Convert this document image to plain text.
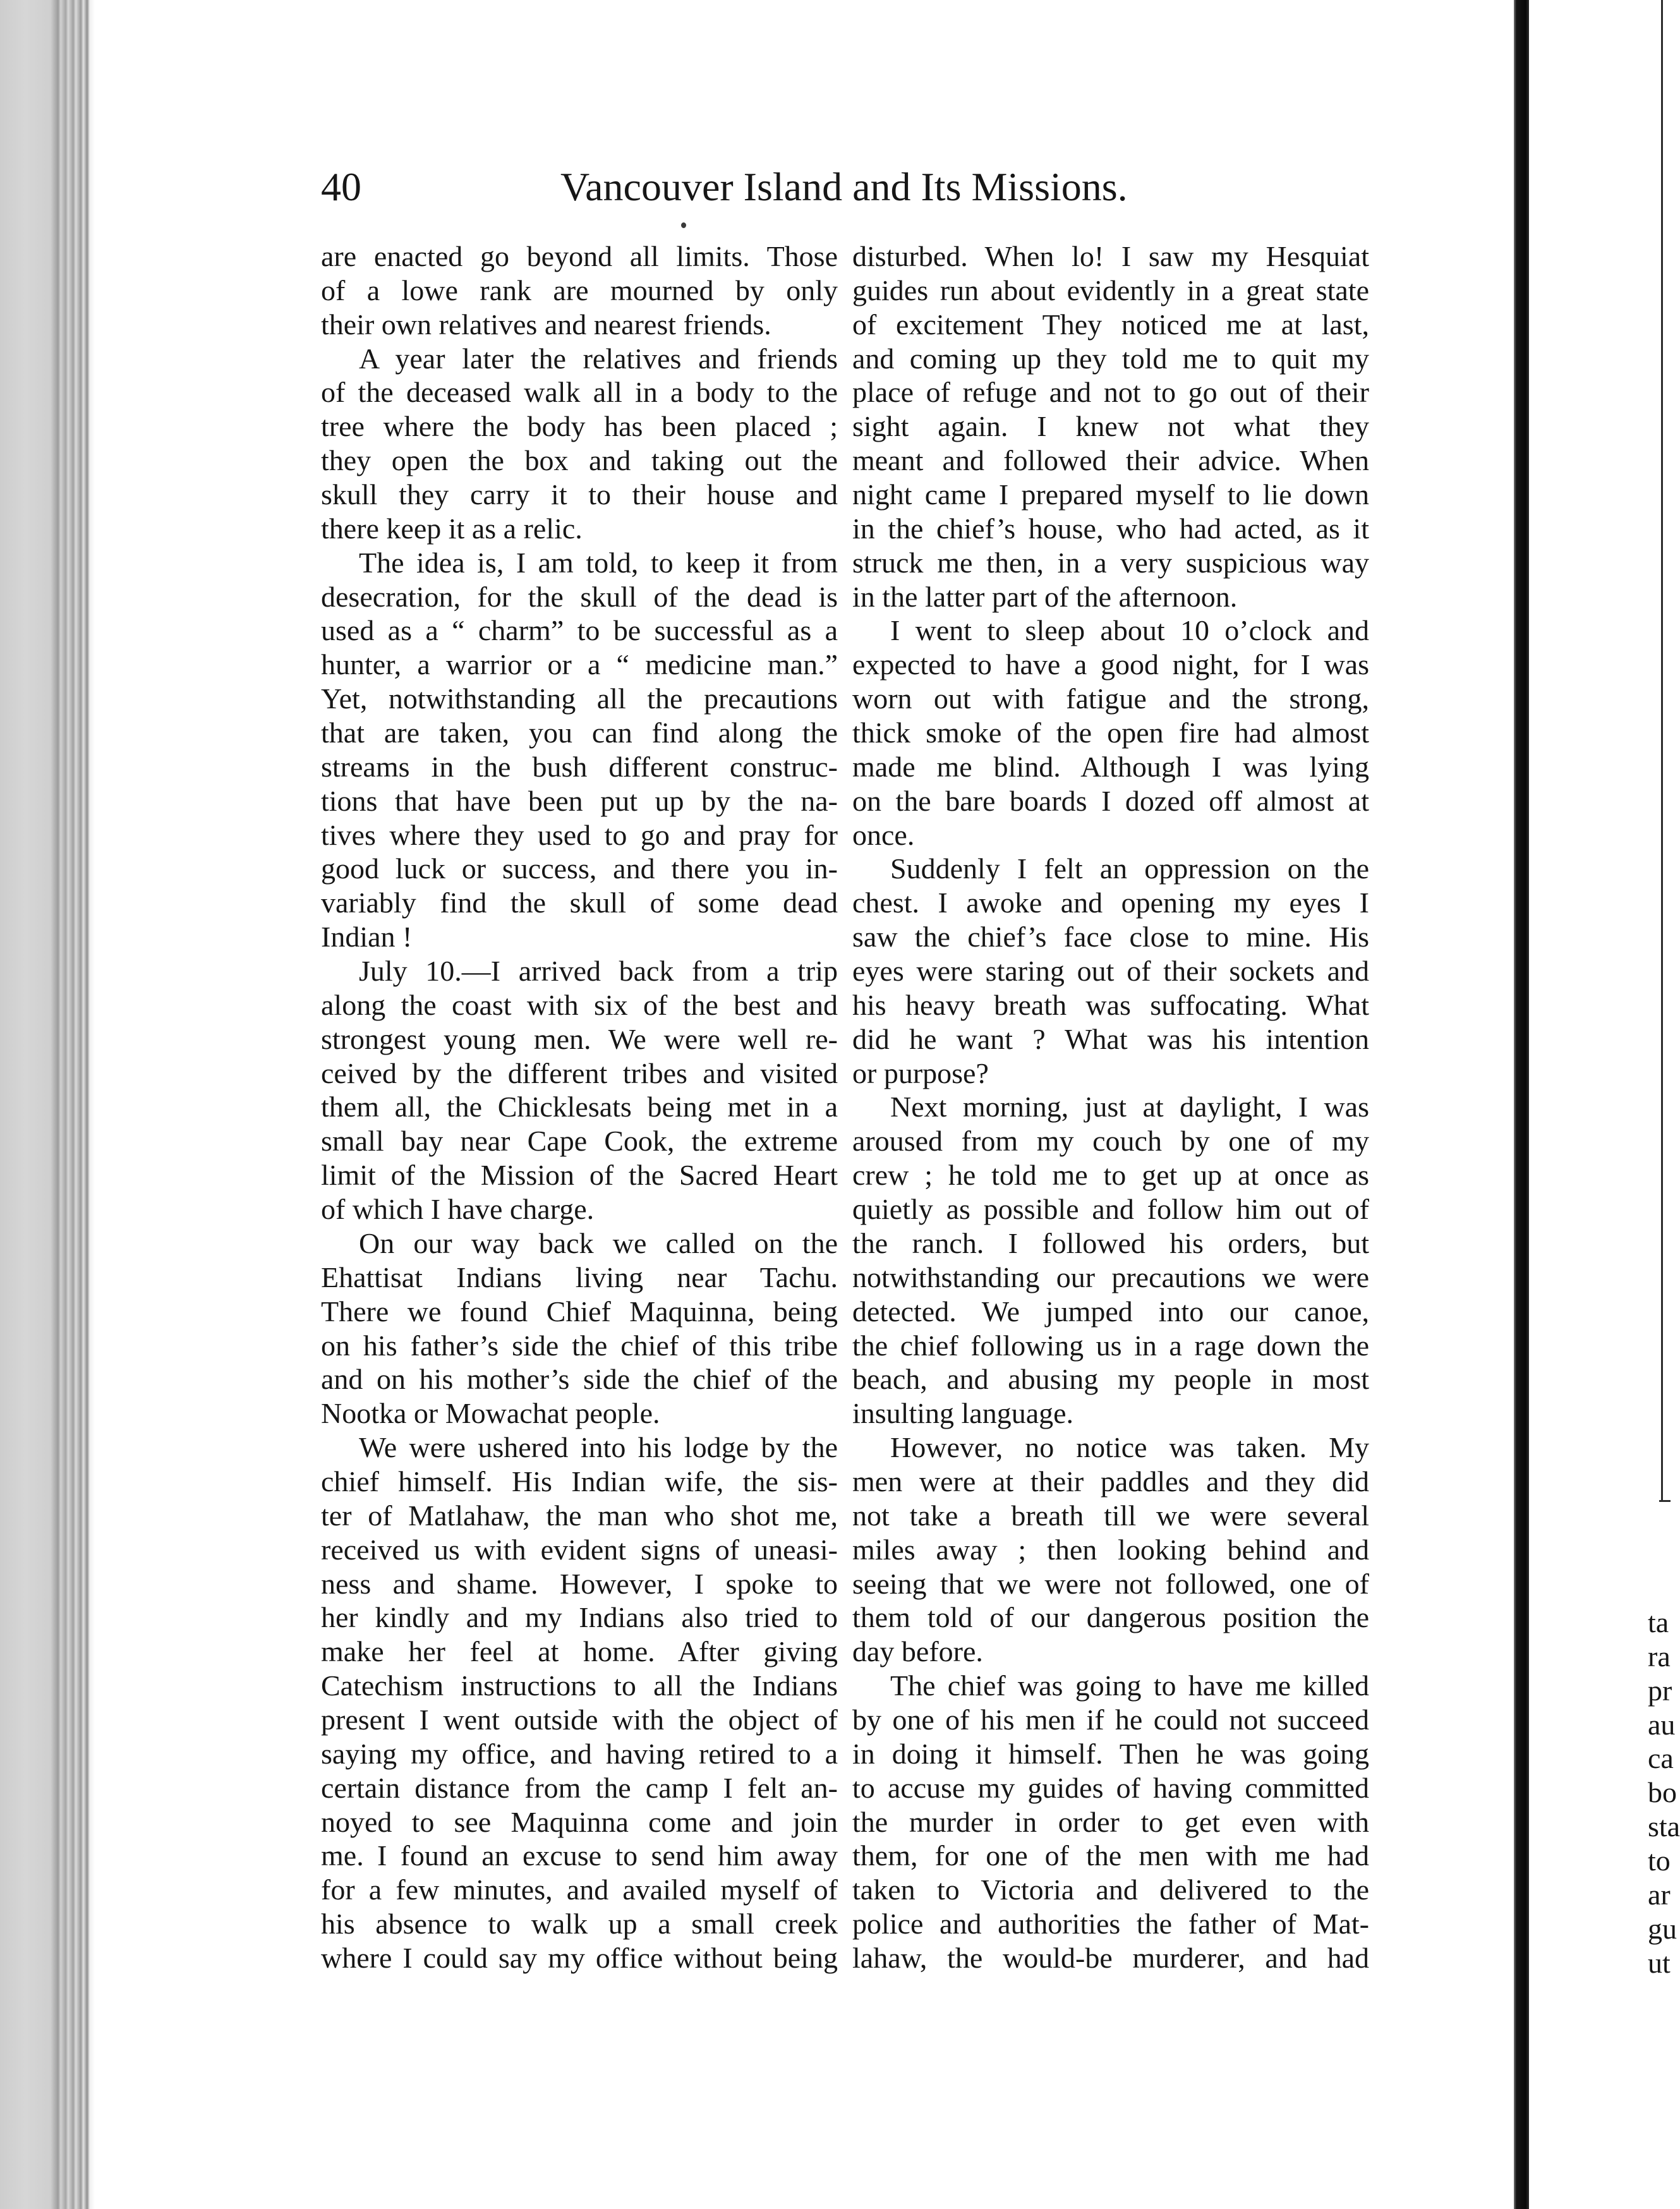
40	Vancouver Island and Its Missions.
are enacted go beyond all limits. Those
of a lowe rank are mourned by only
their own relatives and nearest friends.
A year later the relatives and friends
of the deceased walk all in a body to the
tree where the body has been placed ;
they open the box and taking out the
skull they carry it to their house and
there keep it as a relic.
The idea is, I am told, to keep it from
desecration, for the skull of the dead is
used as a “ charm” to be successful as a
hunter, a warrior or a “ medicine man.”
Yet, notwithstanding all the precautions
that are taken, you can find along the
streams in the bush different construc-
tions that have been put up by the na-
tives where they used to go and pray for
good luck or success, and there you in-
variably find the skull of some dead
Indian !
July 10.—I arrived back from a trip
along the coast with six of the best and
strongest young men. We were well re-
ceived by the different tribes and visited
them all, the Chicklesats being met in a
small bay near Cape Cook, the extreme
limit of the Mission of the Sacred Heart
of which I have charge.
On our way back we called on the
Ehattisat Indians living near Tachu.
There we found Chief Maquinna, being
on his father’s side the chief of this tribe
and on his mother’s side the chief of the
Nootka or Mowachat people.
We were ushered into his lodge by the
chief himself. His Indian wife, the sis-
ter of Matlahaw, the man who shot me,
received us with evident signs of uneasi-
ness and shame. However, I spoke to
her kindly and my Indians also tried to
make her feel at home. After giving
Catechism instructions to all the Indians
present I went outside with the object of
saying my office, and having retired to a
certain distance from the camp I felt an-
noyed to see Maquinna come and join
me. I found an excuse to send him away
for a few minutes, and availed myself of
his absence to walk up a small creek
where I could say my office without being
disturbed. When lo! I saw my Hesquiat
guides run about evidently in a great state
of excitement They noticed me at last,
and coming up they told me to quit my
place of refuge and not to go out of their
sight again. I knew not what they
meant and followed their advice. When
night came I prepared myself to lie down
in the chief’s house, who had acted, as it
struck me then, in a very suspicious way
in the latter part of the afternoon.
I went to sleep about 10 o’clock and
expected to have a good night, for I was
worn out with fatigue and the strong,
thick smoke of the open fire had almost
made me blind. Although I was lying
on the bare boards I dozed off almost at
once.
Suddenly I felt an oppression on the
chest. I awoke and opening my eyes I
saw the chief’s face close to mine. His
eyes were staring out of their sockets and
his heavy breath was suffocating. What
did he want ? What was his intention
or purpose?
Next morning, just at daylight, I was
aroused from my couch by one of my
crew ; he told me to get up at once as
quietly as possible and follow him out of
the ranch. I followed his orders, but
notwithstanding our precautions we were
detected. We jumped into our canoe,
the chief following us in a rage down the
beach, and abusing my people in most
insulting language.
However, no notice was taken. My
men were at their paddles and they did
not take a breath till we were several
miles away ; then looking behind and
seeing that we were not followed, one of
them told of our dangerous position the
day before.
The chief was going to have me killed
by one of his men if he could not succeed
in doing it himself. Then he was going
to accuse my guides of having committed
the murder in order to get even with
them, for one of the men with me had
taken to Victoria and delivered to the
police and authorities the father of Mat-
lahaw, the would-be murderer, and had
ta
ra
pr
au
ca
bo
sta
to
ar
gu
ut
